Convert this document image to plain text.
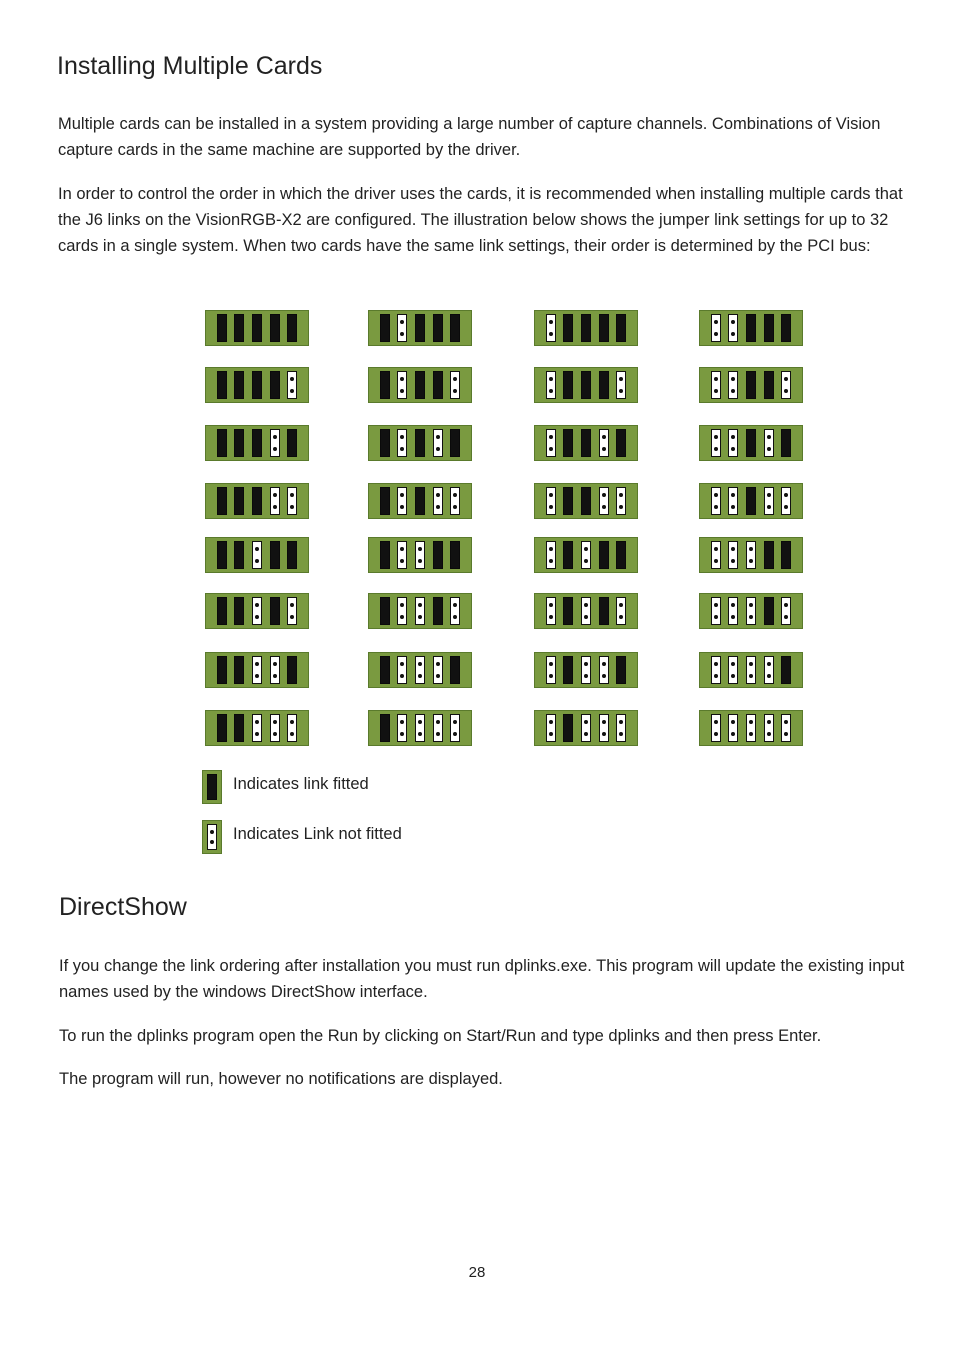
Installing Multiple Cards

Multiple cards can be installed in a system providing a large number of capture channels. Combinations of Vision capture cards in the same machine are supported by the driver.

In order to control the order in which the driver uses the cards, it is recommended when installing multiple cards that the J6 links on the VisionRGB-X2 are configured. The illustration below shows the jumper link settings for up to 32 cards in a single system. When two cards have the same link settings, their order is determined by the PCI bus:

Indicates link fitted
Indicates Link not fitted
DirectShow

If you change the link ordering after installation you must run dplinks.exe. This program will update the existing input names used by the windows DirectShow interface.

To run the dplinks program open the Run by clicking on Start/Run and type dplinks and then press Enter.

The program will run, however no notifications are displayed.

28
